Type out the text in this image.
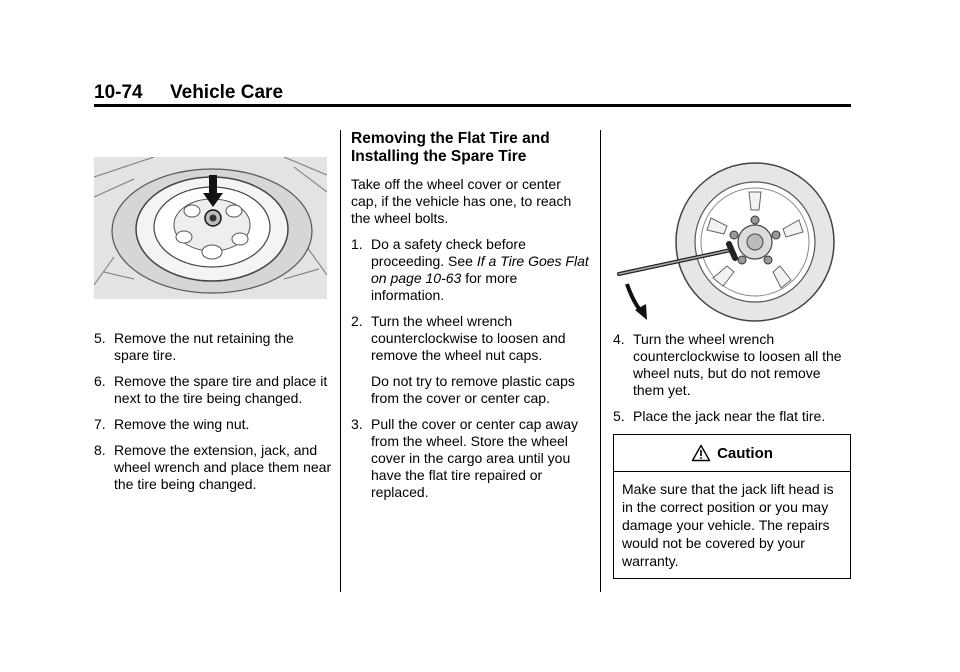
10-74 Vehicle Care
5. Remove the nut retaining the spare tire.
6. Remove the spare tire and place it next to the tire being changed.
7. Remove the wing nut.
8. Remove the extension, jack, and wheel wrench and place them near the tire being changed.
Removing the Flat Tire and Installing the Spare Tire

Take off the wheel cover or center cap, if the vehicle has one, to reach the wheel bolts.

1. Do a safety check before proceeding. See If a Tire Goes Flat on page 10-63 for more information.
2. Turn the wheel wrench counterclockwise to loosen and remove the wheel nut caps.
Do not try to remove plastic caps from the cover or center cap.
3. Pull the cover or center cap away from the wheel. Store the wheel cover in the cargo area until you have the flat tire repaired or replaced.
4. Turn the wheel wrench counterclockwise to loosen all the wheel nuts, but do not remove them yet.
5. Place the jack near the flat tire.
Caution
Make sure that the jack lift head is in the correct position or you may damage your vehicle. The repairs would not be covered by your warranty.
